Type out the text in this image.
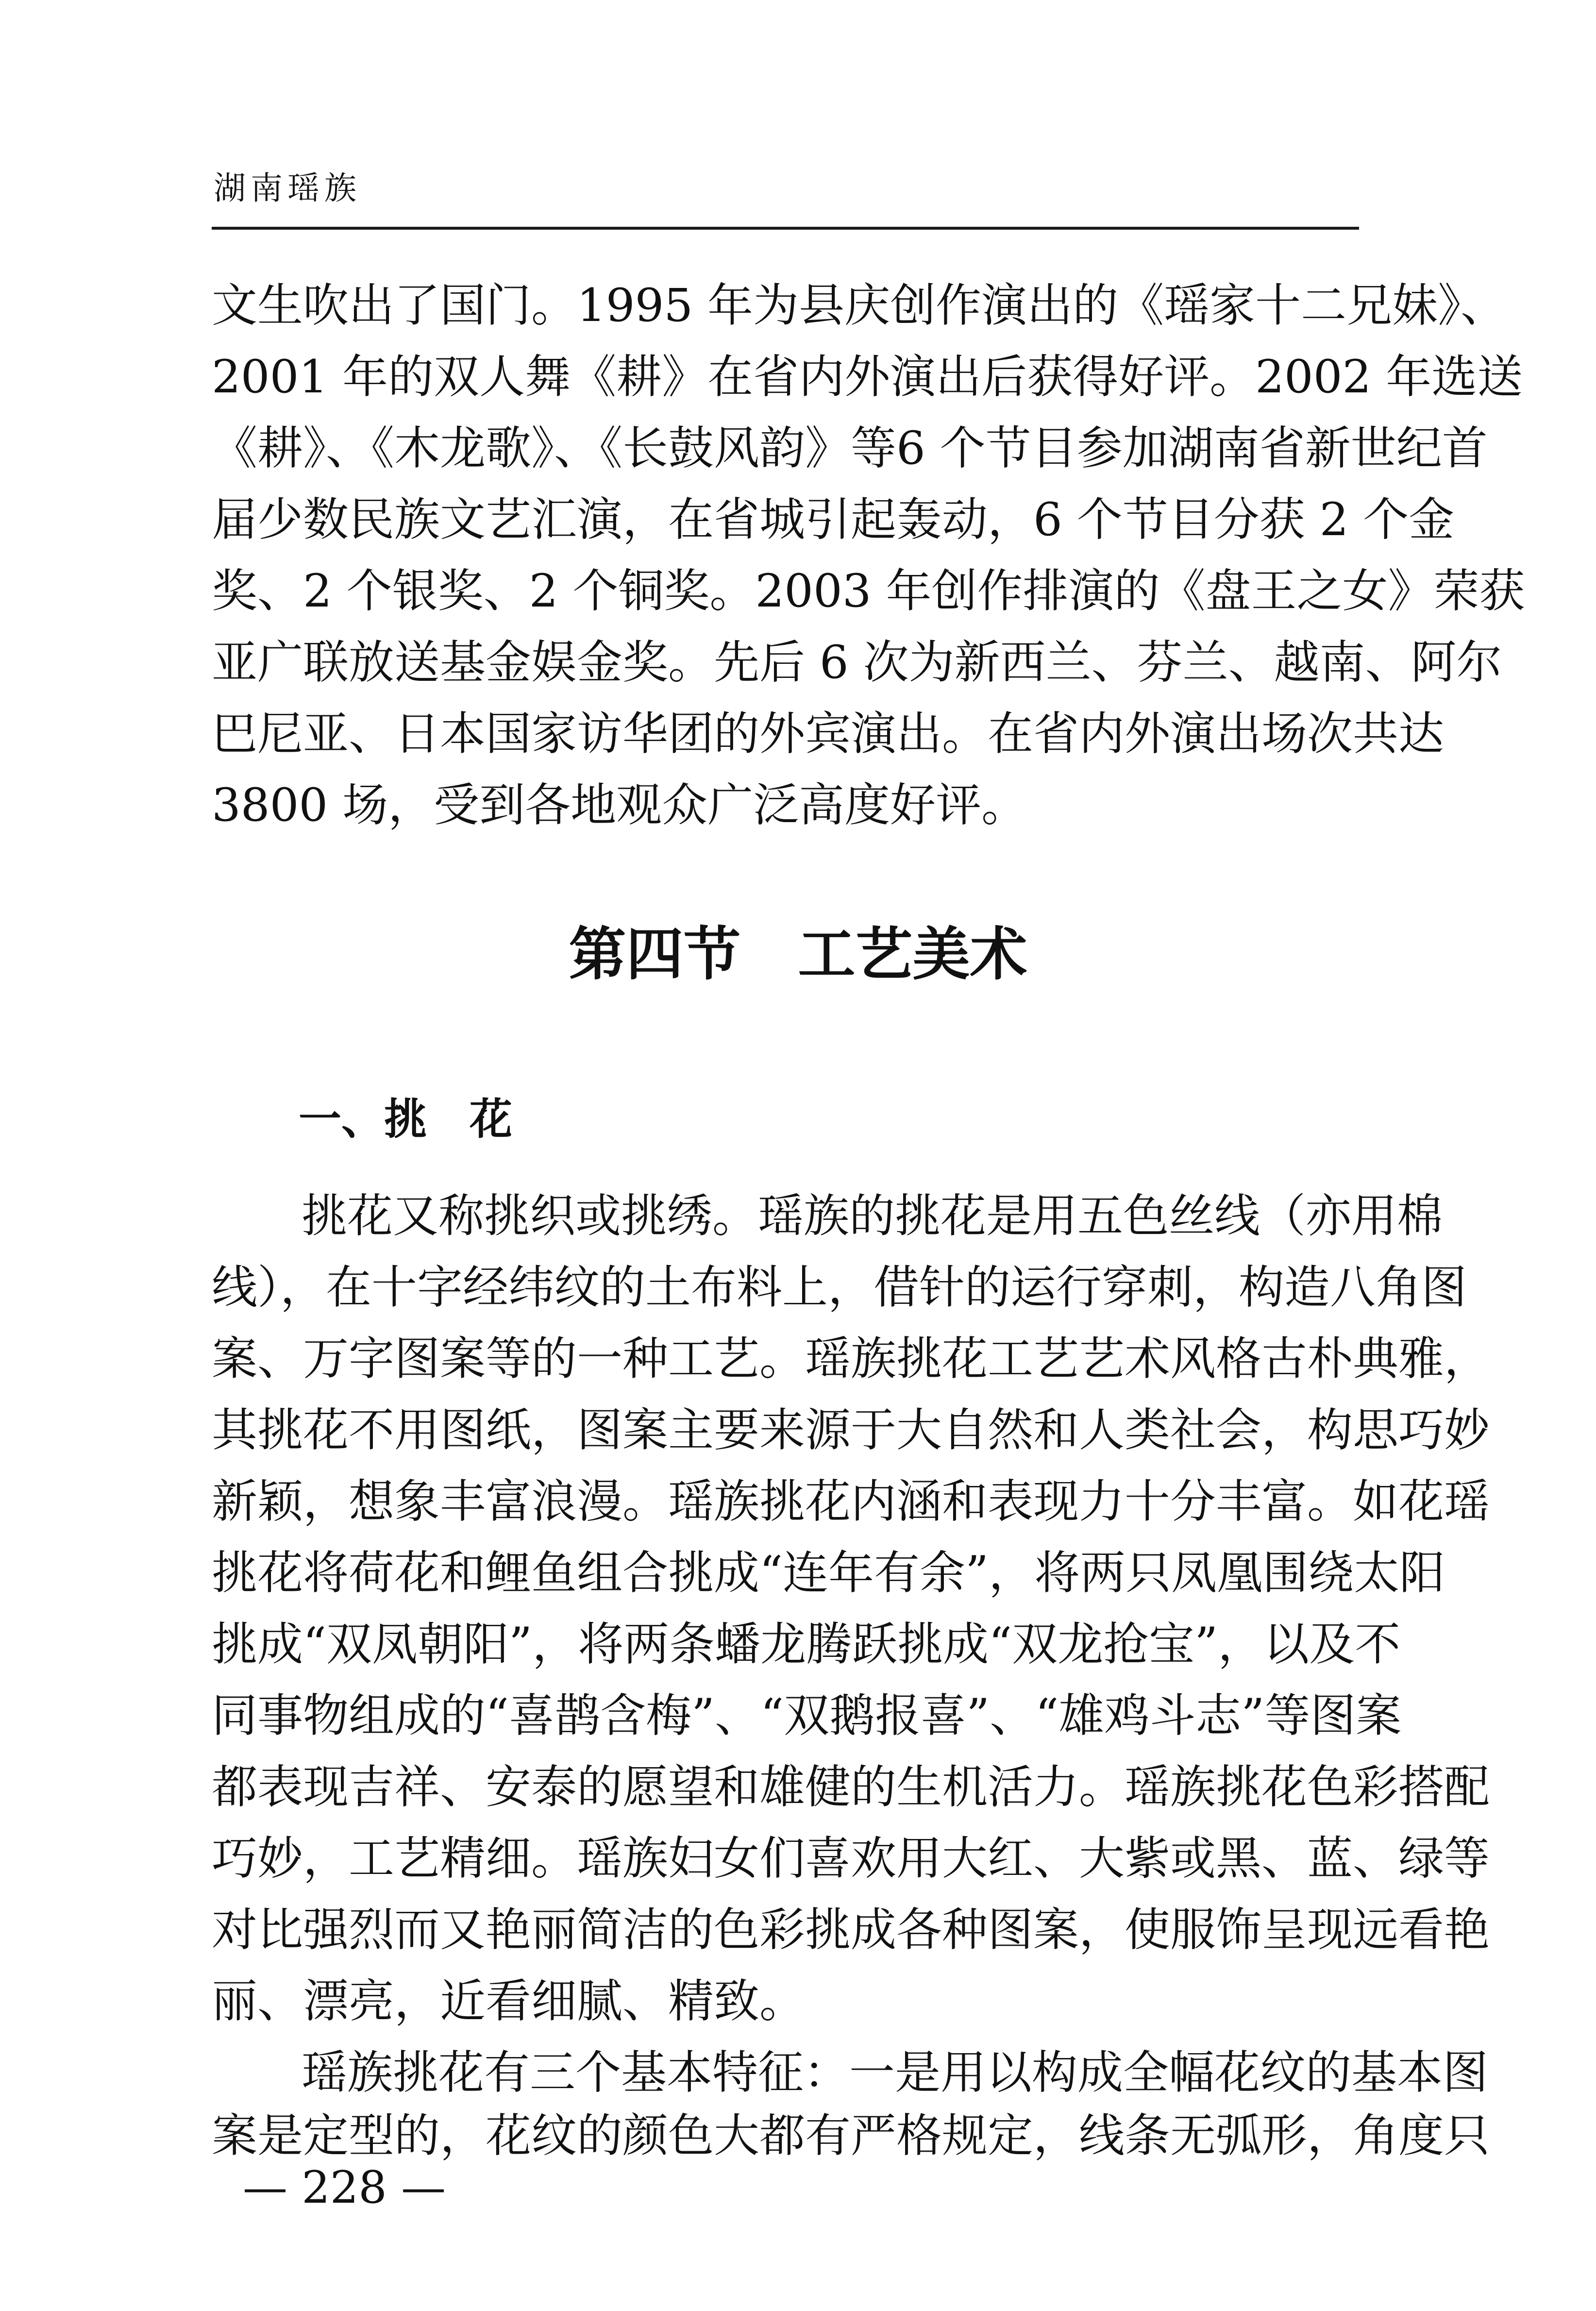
湖南瑶族
文生吹出了国门。1995 年为县庆创作演出的《瑶家十二兄妹》、
2001 年的双人舞《耕》在省内外演出后获得好评。2002 年选送
《耕》、《木龙歌》、《长鼓风韵》等6 个节目参加湖南省新世纪首
届少数民族文艺汇演，在省城引起轰动，6 个节目分获 2 个金
奖、2 个银奖、2 个铜奖。2003 年创作排演的《盘王之女》荣获
亚广联放送基金娱金奖。先后 6 次为新西兰、芬兰、越南、阿尔
巴尼亚、日本国家访华团的外宾演出。在省内外演出场次共达
3800 场，受到各地观众广泛高度好评。
第四节　工艺美术
一、挑　花
挑花又称挑织或挑绣。瑶族的挑花是用五色丝线（亦用棉
线），在十字经纬纹的土布料上，借针的运行穿刺，构造八角图
案、万字图案等的一种工艺。瑶族挑花工艺艺术风格古朴典雅，
其挑花不用图纸，图案主要来源于大自然和人类社会，构思巧妙
新颖，想象丰富浪漫。瑶族挑花内涵和表现力十分丰富。如花瑶
挑花将荷花和鲤鱼组合挑成“连年有余”，将两只凤凰围绕太阳
挑成“双凤朝阳”，将两条蟠龙腾跃挑成“双龙抢宝”，以及不
同事物组成的“喜鹊含梅”、“双鹅报喜”、“雄鸡斗志”等图案
都表现吉祥、安泰的愿望和雄健的生机活力。瑶族挑花色彩搭配
巧妙，工艺精细。瑶族妇女们喜欢用大红、大紫或黑、蓝、绿等
对比强烈而又艳丽简洁的色彩挑成各种图案，使服饰呈现远看艳
丽、漂亮，近看细腻、精致。
瑶族挑花有三个基本特征：一是用以构成全幅花纹的基本图
案是定型的，花纹的颜色大都有严格规定，线条无弧形，角度只
— 228 —
